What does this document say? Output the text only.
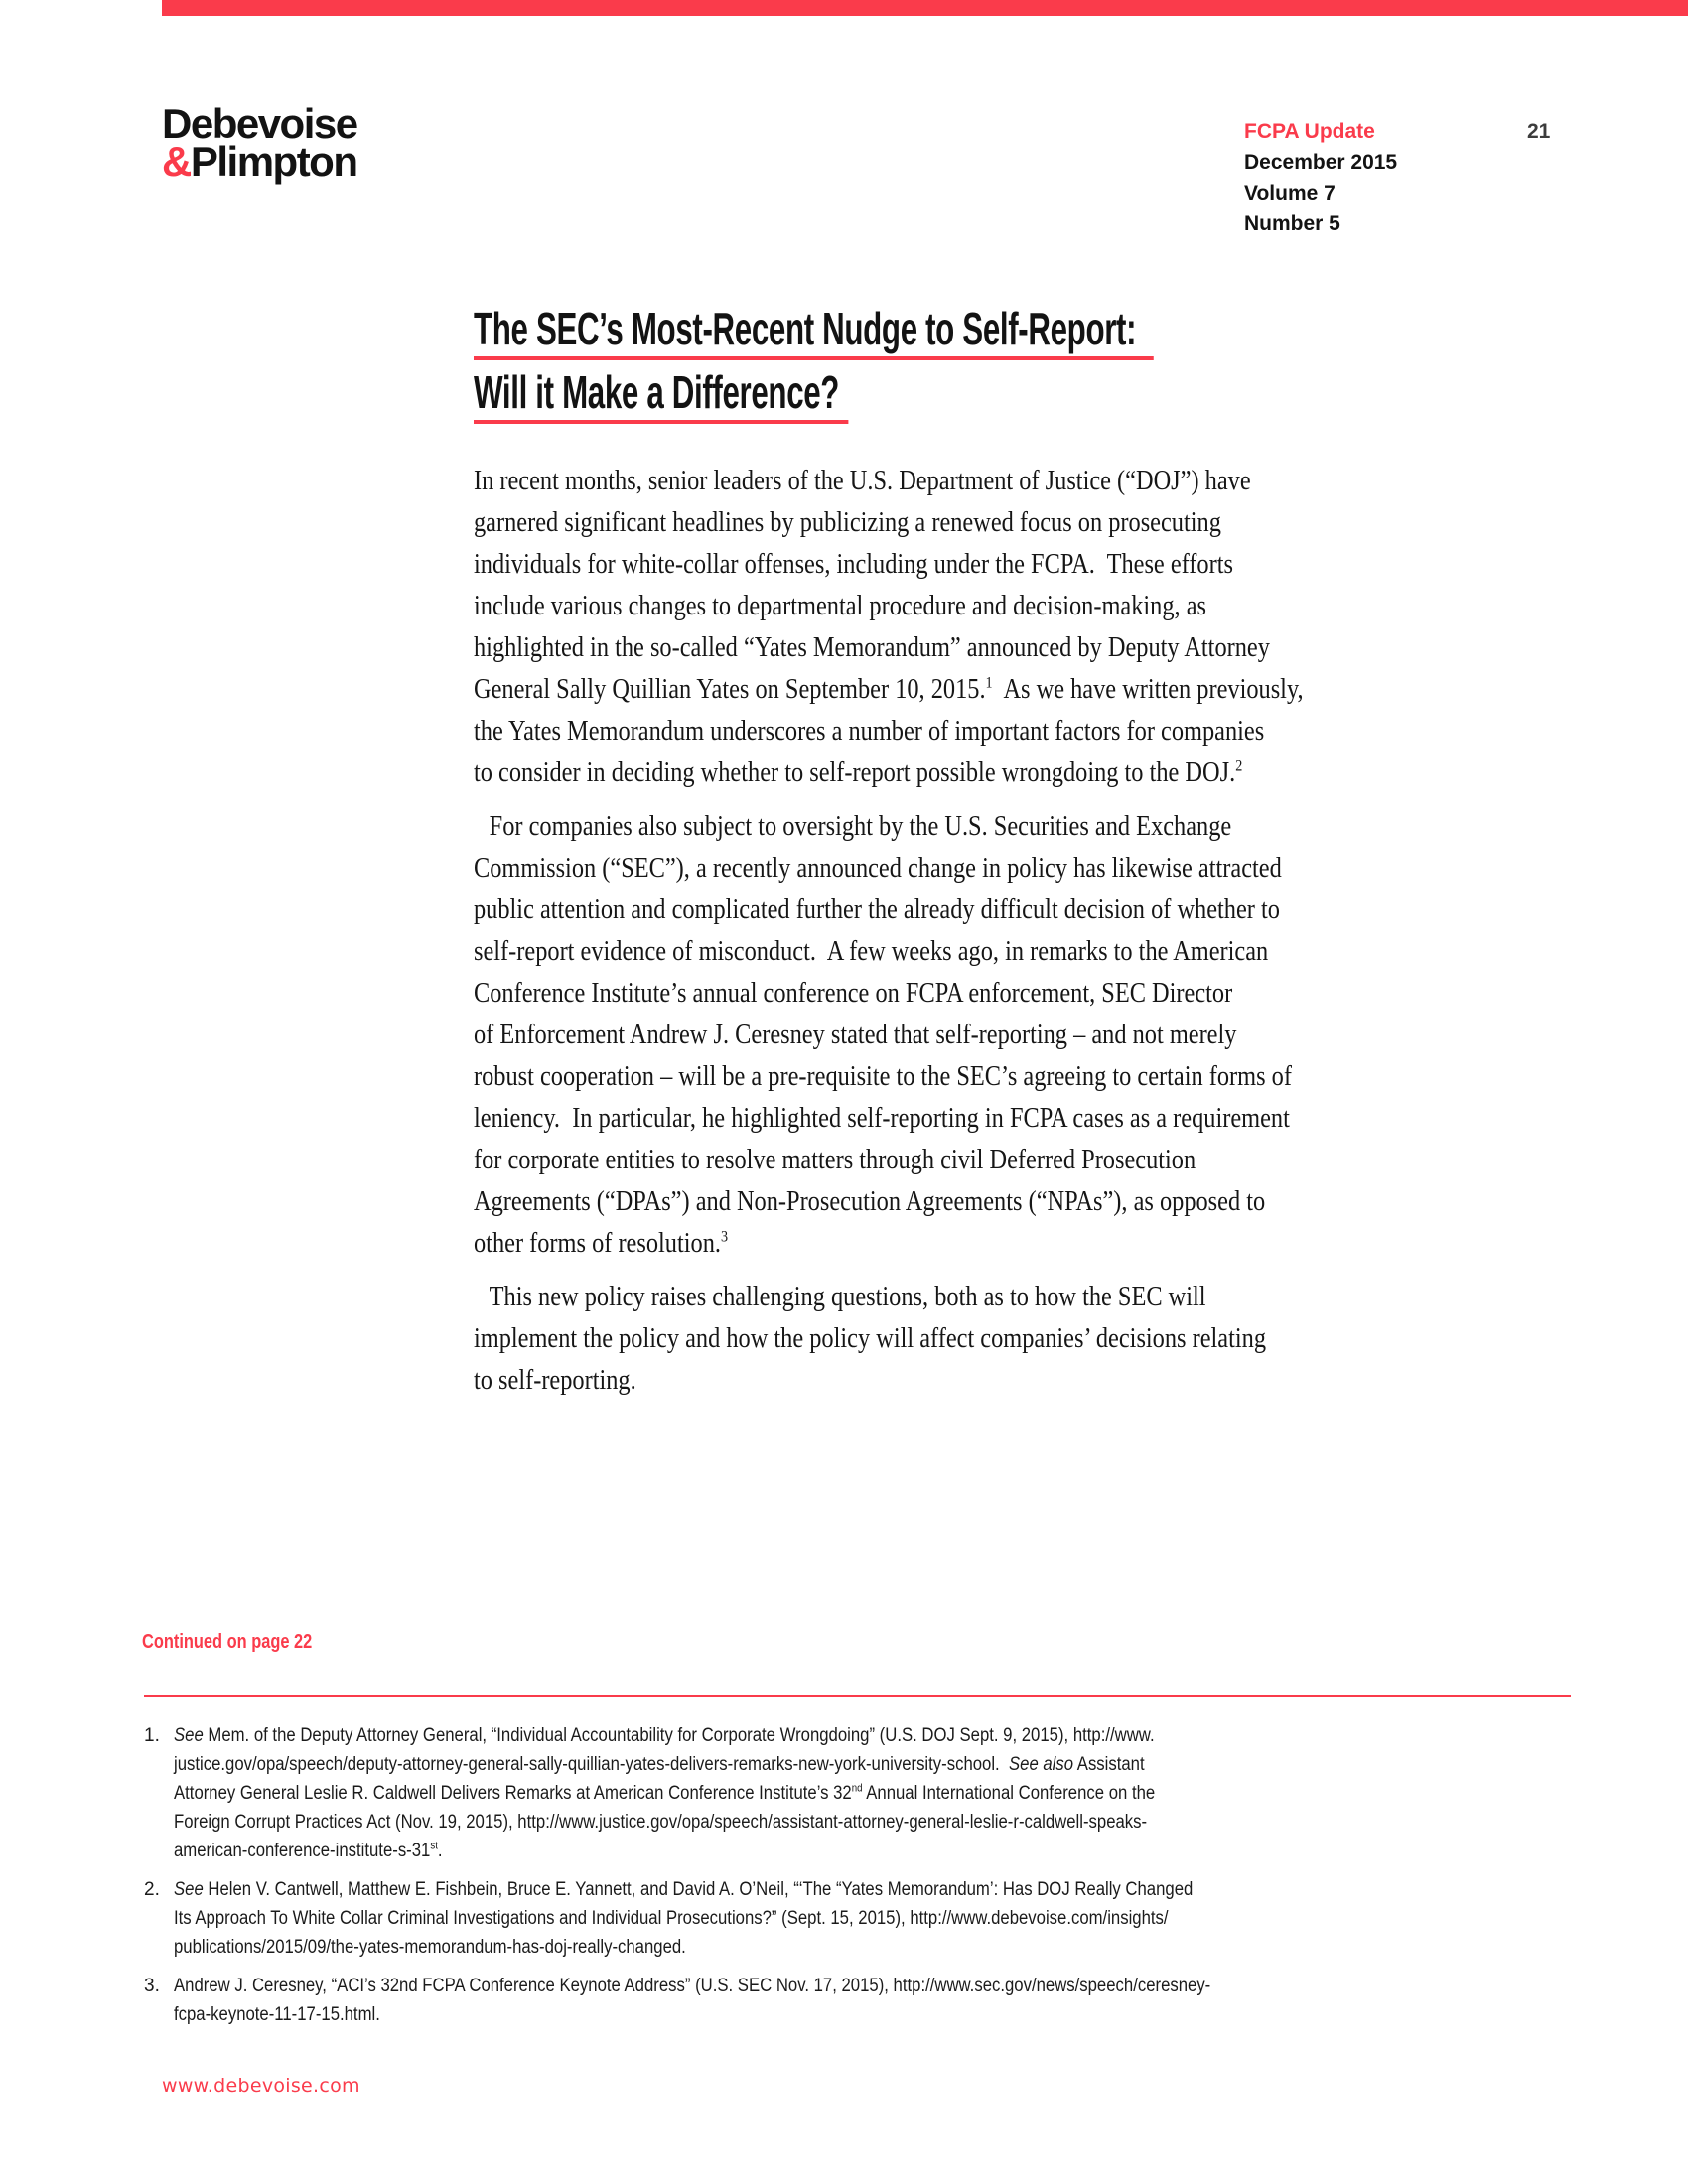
Debevoise
&Plimpton
FCPA Update
December 2015
Volume 7
Number 5
21
The SEC’s Most-Recent Nudge to Self-Report:
Will it Make a Difference?
In recent months, senior leaders of the U.S. Department of Justice (“DOJ”) have
garnered significant headlines by publicizing a renewed focus on prosecuting
individuals for white-collar offenses, including under the FCPA.  These efforts
include various changes to departmental procedure and decision-making, as
highlighted in the so-called “Yates Memorandum” announced by Deputy Attorney
General Sally Quillian Yates on September 10, 2015.$^1$  As we have written previously,
the Yates Memorandum underscores a number of important factors for companies
to consider in deciding whether to self-report possible wrongdoing to the DOJ.$^2$
For companies also subject to oversight by the U.S. Securities and Exchange
Commission (“SEC”), a recently announced change in policy has likewise attracted
public attention and complicated further the already difficult decision of whether to
self-report evidence of misconduct.  A few weeks ago, in remarks to the American
Conference Institute’s annual conference on FCPA enforcement, SEC Director
of Enforcement Andrew J. Ceresney stated that self-reporting – and not merely
robust cooperation – will be a pre-requisite to the SEC’s agreeing to certain forms of
leniency.  In particular, he highlighted self-reporting in FCPA cases as a requirement
for corporate entities to resolve matters through civil Deferred Prosecution
Agreements (“DPAs”) and Non-Prosecution Agreements (“NPAs”), as opposed to
other forms of resolution.$^3$
This new policy raises challenging questions, both as to how the SEC will
implement the policy and how the policy will affect companies’ decisions relating
to self-reporting.
Continued on page 22
1. See Mem. of the Deputy Attorney General, “Individual Accountability for Corporate Wrongdoing” (U.S. DOJ Sept. 9, 2015), http://www.
justice.gov/opa/speech/deputy-attorney-general-sally-quillian-yates-delivers-remarks-new-york-university-school.  See also Assistant
Attorney General Leslie R. Caldwell Delivers Remarks at American Conference Institute’s 32nd Annual International Conference on the
Foreign Corrupt Practices Act (Nov. 19, 2015), http://www.justice.gov/opa/speech/assistant-attorney-general-leslie-r-caldwell-speaks-
american-conference-institute-s-31st.
2. See Helen V. Cantwell, Matthew E. Fishbein, Bruce E. Yannett, and David A. O’Neil, “‘The “Yates Memorandum’: Has DOJ Really Changed
Its Approach To White Collar Criminal Investigations and Individual Prosecutions?” (Sept. 15, 2015), http://www.debevoise.com/insights/
publications/2015/09/the-yates-memorandum-has-doj-really-changed.
3. Andrew J. Ceresney, “ACI’s 32nd FCPA Conference Keynote Address” (U.S. SEC Nov. 17, 2015), http://www.sec.gov/news/speech/ceresney-
fcpa-keynote-11-17-15.html.
www.debevoise.com
